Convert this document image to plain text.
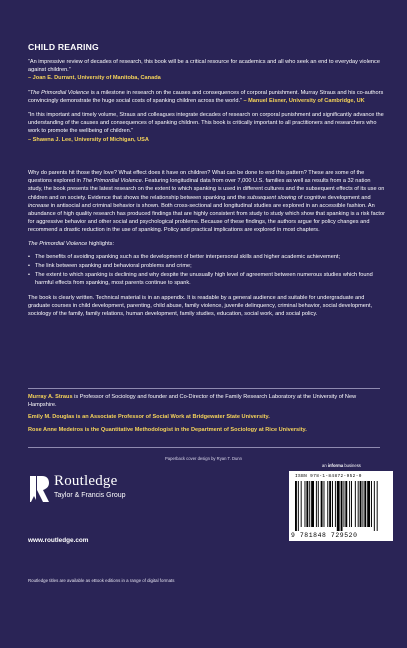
CHILD REARING
“An impressive review of decades of research, this book will be a critical resource for academics and all who seek an end to everyday violence against children.”
– Joan E. Durrant, University of Manitoba, Canada
“The Primordial Violence is a milestone in research on the causes and consequences of corporal punishment. Murray Straus and his co-authors convincingly demonstrate the huge social costs of spanking children across the world.” – Manuel Eisner, University of Cambridge, UK
“In this important and timely volume, Straus and colleagues integrate decades of research on corporal punishment and significantly advance the understanding of the causes and consequences of spanking children. This book is critically important to all practitioners and researchers who work to promote the wellbeing of children.”
– Shawna J. Lee, University of Michigan, USA

Why do parents hit those they love? What effect does it have on children? What can be done to end this pattern? These are some of the questions explored in The Primordial Violence. Featuring longitudinal data from over 7,000 U.S. families as well as results from a 32 nation study, the book presents the latest research on the extent to which spanking is used in different cultures and the subsequent effects of its use on children and on society. Evidence that shows the relationship between spanking and the subsequent slowing of cognitive development and increase in antisocial and criminal behavior is shown. Both cross-sectional and longitudinal studies are explored in an accessible fashion. An abundance of high quality research has produced findings that are highly consistent from study to study which show that spanking is a risk factor for aggressive behavior and other social and psychological problems. Because of these findings, the authors argue for policy changes and recommend a drastic reduction in the use of spanking. Policy and practical implications are explored in most chapters.

The Primordial Violence highlights:

• The benefits of avoiding spanking such as the development of better interpersonal skills and higher academic achievement;
• The link between spanking and behavioral problems and crime;
• The extent to which spanking is declining and why despite the unusually high level of agreement between numerous studies which found harmful effects from spanking, most parents continue to spank.

The book is clearly written. Technical material is in an appendix. It is readable by a general audience and suitable for undergraduate and graduate courses in child development, parenting, child abuse, family violence, juvenile delinquency, criminal behavior, social development, sociology of the family, family relations, human development, family studies, education, social work, and social policy.

Murray A. Straus is Professor of Sociology and founder and Co-Director of the Family Research Laboratory at the University of New Hampshire.
Emily M. Douglas is an Associate Professor of Social Work at Bridgewater State University.
Rose Anne Medeiros is the Quantitative Methodologist in the Department of Sociology at Rice University.
Paperback cover design by Ryan T. Dunn
an informa business
Routledge
Taylor & Francis Group
www.routledge.com
ISBN 978-1-84872-952-0
9 781848 729520
Routledge titles are available as eBook editions in a range of digital formats
